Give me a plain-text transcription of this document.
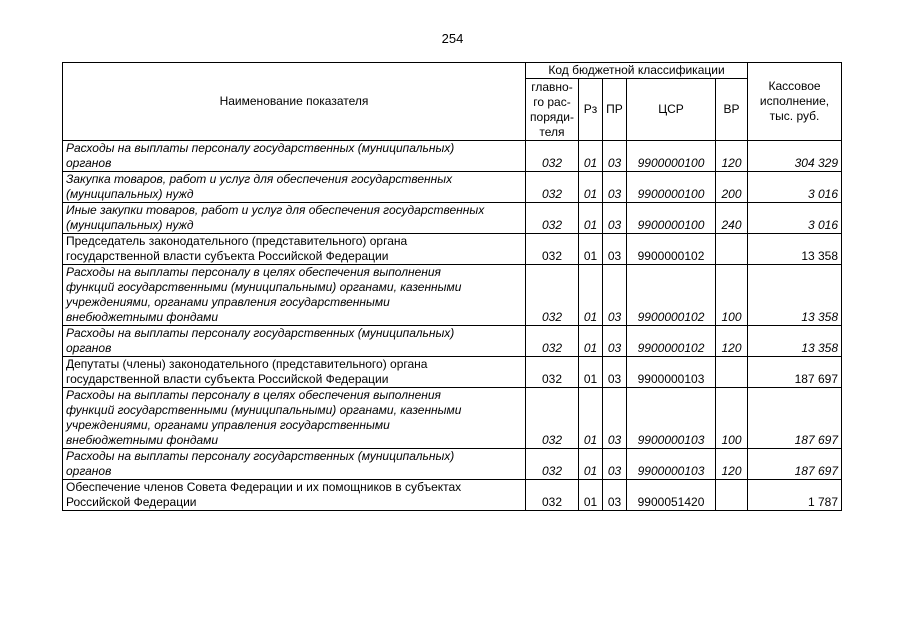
254
Наименование показателя	Код бюджетной классификации					Кассовое
исполнение,
тыс. руб.
	главно-
го рас-
поряди-
теля	Рз	ПР	ЦСР	ВР	
Расходы на выплаты персоналу государственных (муниципальных)
органов	032	01	03	9900000100	120	304 329
Закупка товаров, работ и услуг для обеспечения государственных
(муниципальных) нужд	032	01	03	9900000100	200	3 016
Иные закупки товаров, работ и услуг для обеспечения государственных
(муниципальных) нужд	032	01	03	9900000100	240	3 016
Председатель законодательного (представительного) органа
государственной власти субъекта Российской Федерации	032	01	03	9900000102		13 358
Расходы на выплаты персоналу в целях обеспечения выполнения
функций государственными (муниципальными) органами, казенными
учреждениями, органами управления государственными
внебюджетными фондами	032	01	03	9900000102	100	13 358
Расходы на выплаты персоналу государственных (муниципальных)
органов	032	01	03	9900000102	120	13 358
Депутаты (члены) законодательного (представительного) органа
государственной власти субъекта Российской Федерации	032	01	03	9900000103		187 697
Расходы на выплаты персоналу в целях обеспечения выполнения
функций государственными (муниципальными) органами, казенными
учреждениями, органами управления государственными
внебюджетными фондами	032	01	03	9900000103	100	187 697
Расходы на выплаты персоналу государственных (муниципальных)
органов	032	01	03	9900000103	120	187 697
Обеспечение членов Совета Федерации и их помощников в субъектах
Российской Федерации	032	01	03	9900051420		1 787
